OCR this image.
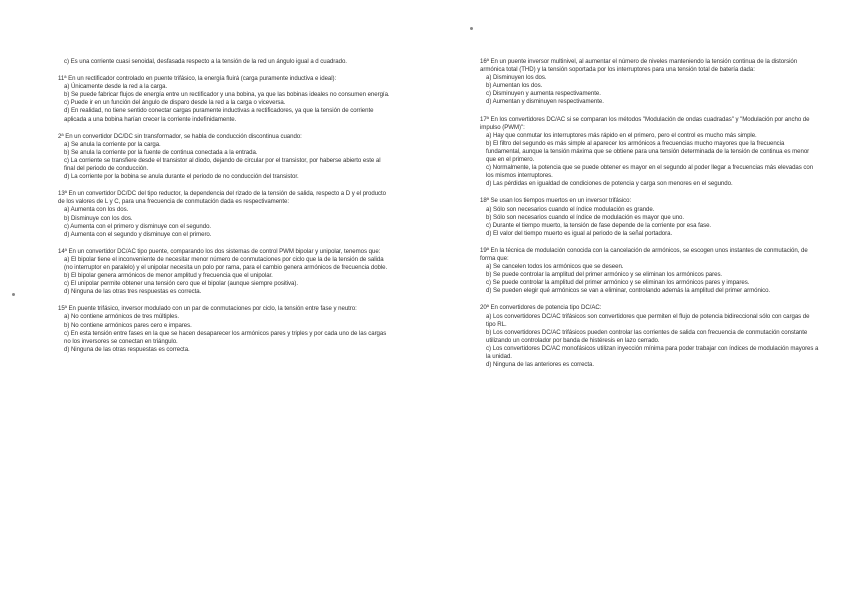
c) Es una corriente cuasi senoidal, desfasada respecto a la tensión de la red un ángulo igual a d cuadrado.
11ª En un rectificador controlado en puente trifásico, la energía fluirá (carga puramente inductiva e ideal):
a) Únicamente desde la red a la carga.
b) Se puede fabricar flujos de energía entre un rectificador y una bobina, ya que las bobinas ideales no consumen energía.
c) Puede ir en un función del ángulo de disparo desde la red a la carga o viceversa.
d) En realidad, no tiene sentido conectar cargas puramente inductivas a rectificadores, ya que la tensión de corriente aplicada a una bobina harían crecer la corriente indefinidamente.
2ª En un convertidor DC/DC sin transformador, se habla de conducción discontinua cuando:
a) Se anula la corriente por la carga.
b) Se anula la corriente por la fuente de continua conectada a la entrada.
c) La corriente se transfiere desde el transistor al diodo, dejando de circular por el transistor, por haberse abierto este al final del periodo de conducción.
d) La corriente por la bobina se anula durante el periodo de no conducción del transistor.
13ª En un convertidor DC/DC del tipo reductor, la dependencia del rizado de la tensión de salida, respecto a D y el producto de los valores de L y C, para una frecuencia de conmutación dada es respectivamente:
a) Aumenta con los dos.
b) Disminuye con los dos.
c) Aumenta con el primero y disminuye con el segundo.
d) Aumenta con el segundo y disminuye con el primero.
14ª En un convertidor DC/AC tipo puente, comparando los dos sistemas de control PWM bipolar y unipolar, tenemos que:
a) El bipolar tiene el inconveniente de necesitar menor número de conmutaciones por ciclo que la de la tensión de salida (no interruptor en paralelo) y el unipolar necesita un polo por rama, para el cambio genera armónicos de frecuencia doble.
b) El bipolar genera armónicos de menor amplitud y frecuencia que el unipolar.
c) El unipolar permite obtener una tensión cero que el bipolar (aunque siempre positiva).
d) Ninguna de las otras tres respuestas es correcta.
15ª En puente trifásico, inversor modulado con un par de conmutaciones por ciclo, la tensión entre fase y neutro:
a) No contiene armónicos de tres múltiples.
b) No contiene armónicos pares cero e impares.
c) En esta tensión entre fases en la que se hacen desaparecer los armónicos pares y triples y por cada uno de las cargas no los inversores se conectan en triángulo.
d) Ninguna de las otras respuestas es correcta.
16ª En un puente inversor multinivel, al aumentar el número de niveles manteniendo la tensión continua de la distorsión armónica total (THD) y la tensión soportada por los interruptores para una tensión total de batería dada:
a) Disminuyen los dos.
b) Aumentan los dos.
c) Disminuyen y aumenta respectivamente.
d) Aumentan y disminuyen respectivamente.
17ª En los convertidores DC/AC si se comparan los métodos "Modulación de ondas cuadradas" y "Modulación por ancho de impulso (PWM)":
a) Hay que conmutar los interruptores más rápido en el primero, pero el control es mucho más simple.
b) El filtro del segundo es más simple al aparecer los armónicos a frecuencias mucho mayores que la frecuencia fundamental, aunque la tensión máxima que se obtiene para una tensión determinada de la tensión de continua es menor que en el primero.
c) Normalmente, la potencia que se puede obtener es mayor en el segundo al poder llegar a frecuencias más elevadas con los mismos interruptores.
d) Las pérdidas en igualdad de condiciones de potencia y carga son menores en el segundo.
18ª Se usan los tiempos muertos en un inversor trifásico:
a) Sólo son necesarios cuando el índice modulación es grande.
b) Sólo son necesarios cuando el índice de modulación es mayor que uno.
c) Durante el tiempo muerto, la tensión de fase depende de la corriente por esa fase.
d) El valor del tiempo muerto es igual al periodo de la señal portadora.
19ª En la técnica de modulación conocida con la cancelación de armónicos, se escogen unos instantes de conmutación, de forma que:
a) Se cancelen todos los armónicos que se deseen.
b) Se puede controlar la amplitud del primer armónico y se eliminan los armónicos pares.
c) Se puede controlar la amplitud del primer armónico y se eliminan los armónicos pares y impares.
d) Se pueden elegir qué armónicos se van a eliminar, controlando además la amplitud del primer armónico.
20ª En convertidores de potencia tipo DC/AC:
a) Los convertidores DC/AC trifásicos son convertidores que permiten el flujo de potencia bidireccional sólo con cargas de tipo RL.
b) Los convertidores DC/AC trifásicos pueden controlar las corrientes de salida con frecuencia de conmutación constante utilizando un controlador por banda de histéresis en lazo cerrado.
c) Los convertidores DC/AC monofásicos utilizan inyección mínima para poder trabajar con índices de modulación mayores a la unidad.
d) Ninguna de las anteriores es correcta.
